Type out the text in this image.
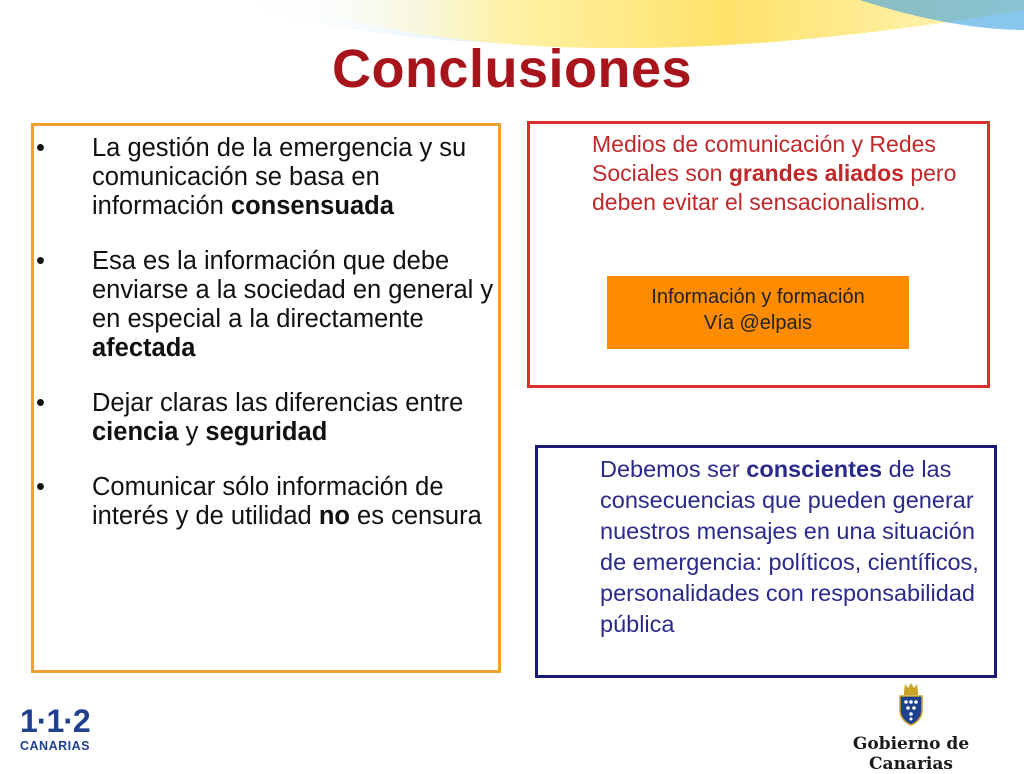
Conclusiones
• La gestión de la emergencia y su comunicación se basa en información consensuada
• Esa es la información que debe enviarse a la sociedad en general y en especial a la directamente afectada
• Dejar claras las diferencias entre ciencia y seguridad
• Comunicar sólo información de interés y de utilidad no es censura
Medios de comunicación y Redes Sociales son grandes aliados pero deben evitar el sensacionalismo.
Información y formación
Vía @elpais
Debemos ser conscientes de las consecuencias que pueden generar nuestros mensajes en una situación de emergencia: políticos, científicos, personalidades con responsabilidad pública
1·1·2
CANARIAS	Gobierno de Canarias
